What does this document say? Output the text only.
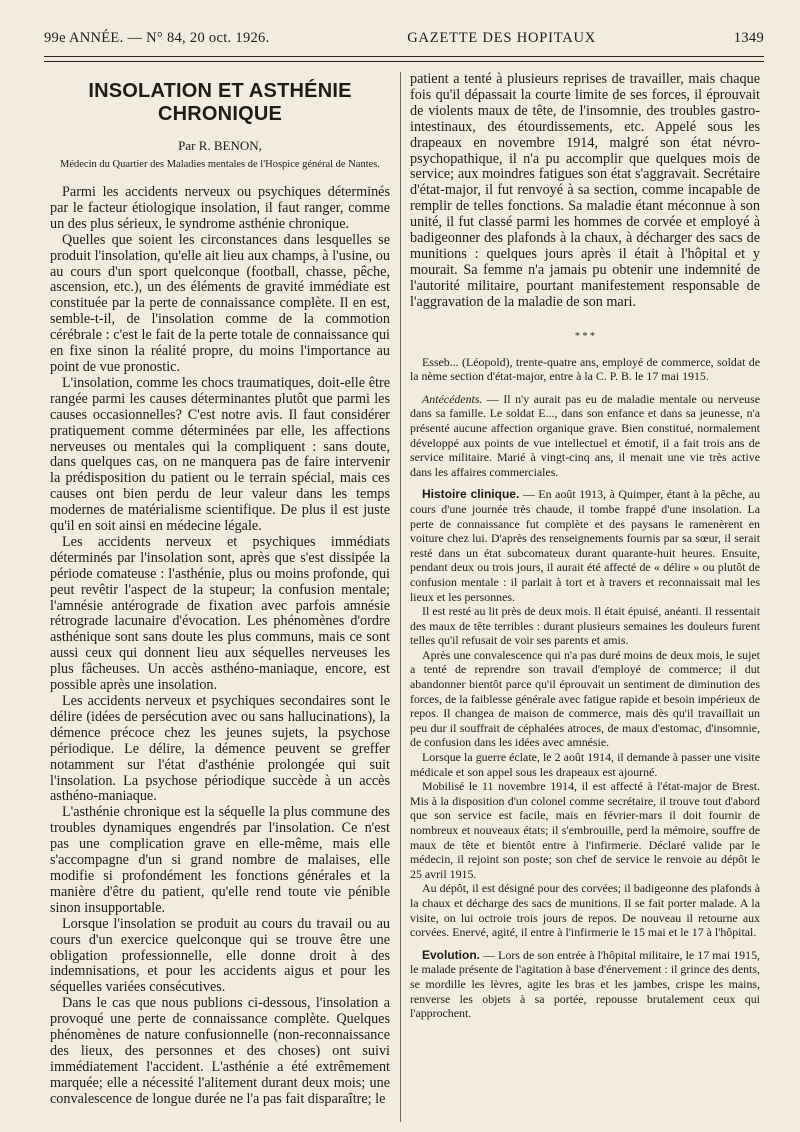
99e ANNÉE. — N° 84, 20 oct. 1926.	GAZETTE DES HOPITAUX	1349
INSOLATION ET ASTHÉNIE CHRONIQUE
Par R. BENON,
Médecin du Quartier des Maladies mentales de l'Hospice général de Nantes.

Parmi les accidents nerveux ou psychiques déterminés par le facteur étiologique insolation, il faut ranger, comme un des plus sérieux, le syndrome asthénie chronique.

Quelles que soient les circonstances dans lesquelles se produit l'insolation, qu'elle ait lieu aux champs, à l'usine, ou au cours d'un sport quelconque (football, chasse, pêche, ascension, etc.), un des éléments de gravité immédiate est constituée par la perte de connaissance complète. Il en est, semble-t-il, de l'insolation comme de la commotion cérébrale : c'est le fait de la perte totale de connaissance qui en fixe sinon la réalité propre, du moins l'importance au point de vue pronostic.

L'insolation, comme les chocs traumatiques, doit-elle être rangée parmi les causes déterminantes plutôt que parmi les causes occasionnelles? C'est notre avis. Il faut considérer pratiquement comme déterminées par elle, les affections nerveuses ou mentales qui la compliquent : sans doute, dans quelques cas, on ne manquera pas de faire intervenir la prédisposition du patient ou le terrain spécial, mais ces causes ont bien perdu de leur valeur dans les temps modernes de matérialisme scientifique. De plus il est juste qu'il en soit ainsi en médecine légale.

Les accidents nerveux et psychiques immédiats déterminés par l'insolation sont, après que s'est dissipée la période comateuse : l'asthénie, plus ou moins profonde, qui peut revêtir l'aspect de la stupeur; la confusion mentale; l'amnésie antérograde de fixation avec parfois amnésie rétrograde lacunaire d'évocation. Les phénomènes d'ordre asthénique sont sans doute les plus communs, mais ce sont aussi ceux qui donnent lieu aux séquelles nerveuses les plus fâcheuses. Un accès asthéno-maniaque, encore, est possible après une insolation.

Les accidents nerveux et psychiques secondaires sont le délire (idées de persécution avec ou sans hallucinations), la démence précoce chez les jeunes sujets, la psychose périodique. Le délire, la démence peuvent se greffer notamment sur l'état d'asthénie prolongée qui suit l'insolation. La psychose périodique succède à un accès asthéno-maniaque.

L'asthénie chronique est la séquelle la plus commune des troubles dynamiques engendrés par l'insolation. Ce n'est pas une complication grave en elle-même, mais elle s'accompagne d'un si grand nombre de malaises, elle modifie si profondément les fonctions générales et la manière d'être du patient, qu'elle rend toute vie pénible sinon insupportable.

Lorsque l'insolation se produit au cours du travail ou au cours d'un exercice quelconque qui se trouve être une obligation professionnelle, elle donne droit à des indemnisations, et pour les accidents aigus et pour les séquelles variées consécutives.

Dans le cas que nous publions ci-dessous, l'insolation a provoqué une perte de connaissance complète. Quelques phénomènes de nature confusionnelle (non-reconnaissance des lieux, des personnes et des choses) ont suivi immédiatement l'accident. L'asthénie a été extrêmement marquée; elle a nécessité l'alitement durant deux mois; une convalescence de longue durée ne l'a pas fait disparaître; le

patient a tenté à plusieurs reprises de travailler, mais chaque fois qu'il dépassait la courte limite de ses forces, il éprouvait de violents maux de tête, de l'insomnie, des troubles gastro-intestinaux, des étourdissements, etc. Appelé sous les drapeaux en novembre 1914, malgré son état névro-psychopathique, il n'a pu accomplir que quelques mois de service; aux moindres fatigues son état s'aggravait. Secrétaire d'état-major, il fut renvoyé à sa section, comme incapable de remplir de telles fonctions. Sa maladie étant méconnue à son unité, il fut classé parmi les hommes de corvée et employé à badigeonner des plafonds à la chaux, à décharger des sacs de munitions : quelques jours après il était à l'hôpital et y mourait. Sa femme n'a jamais pu obtenir une indemnité de l'autorité militaire, pourtant manifestement responsable de l'aggravation de la maladie de son mari.

* * *

Esseb... (Léopold), trente-quatre ans, employé de commerce, soldat de la nème section d'état-major, entre à la C. P. B. le 17 mai 1915.

Antécédents. — Il n'y aurait pas eu de maladie mentale ou nerveuse dans sa famille. Le soldat E..., dans son enfance et dans sa jeunesse, n'a présenté aucune affection organique grave. Bien constitué, normalement développé aux points de vue intellectuel et émotif, il a fait trois ans de service militaire. Marié à vingt-cinq ans, il menait une vie très active dans les affaires commerciales.

Histoire clinique. — En août 1913, à Quimper, étant à la pêche, au cours d'une journée très chaude, il tombe frappé d'une insolation. La perte de connaissance fut complète et des paysans le ramenèrent en voiture chez lui. D'après des renseignements fournis par sa sœur, il serait resté dans un état subcomateux durant quarante-huit heures. Ensuite, pendant deux ou trois jours, il aurait été affecté de « délire » ou plutôt de confusion mentale : il parlait à tort et à travers et reconnaissait mal les lieux et les personnes.

Il est resté au lit près de deux mois. Il était épuisé, anéanti. Il ressentait des maux de tête terribles : durant plusieurs semaines les douleurs furent telles qu'il refusait de voir ses parents et amis.

Après une convalescence qui n'a pas duré moins de deux mois, le sujet a tenté de reprendre son travail d'employé de commerce; il dut abandonner bientôt parce qu'il éprouvait un sentiment de diminution des forces, de la faiblesse générale avec fatigue rapide et besoin impérieux de repos. Il changea de maison de commerce, mais dès qu'il travaillait un peu dur il souffrait de céphalées atroces, de maux d'estomac, d'insomnie, de confusion dans les idées avec amnésie.

Lorsque la guerre éclate, le 2 août 1914, il demande à passer une visite médicale et son appel sous les drapeaux est ajourné.

Mobilisé le 11 novembre 1914, il est affecté à l'état-major de Brest. Mis à la disposition d'un colonel comme secrétaire, il trouve tout d'abord que son service est facile, mais en février-mars il doit fournir de nombreux et nouveaux états; il s'embrouille, perd la mémoire, souffre de maux de tête et bientôt entre à l'infirmerie. Déclaré valide par le médecin, il rejoint son poste; son chef de service le renvoie au dépôt le 25 avril 1915.

Au dépôt, il est désigné pour des corvées; il badigeonne des plafonds à la chaux et décharge des sacs de munitions. Il se fait porter malade. A la visite, on lui octroie trois jours de repos. De nouveau il retourne aux corvées. Enervé, agité, il entre à l'infirmerie le 15 mai et le 17 à l'hôpital.

Evolution. — Lors de son entrée à l'hôpital militaire, le 17 mai 1915, le malade présente de l'agitation à base d'énervement : il grince des dents, se mordille les lèvres, agite les bras et les jambes, crispe les mains, renverse les objets à sa portée, repousse brutalement ceux qui l'approchent.
